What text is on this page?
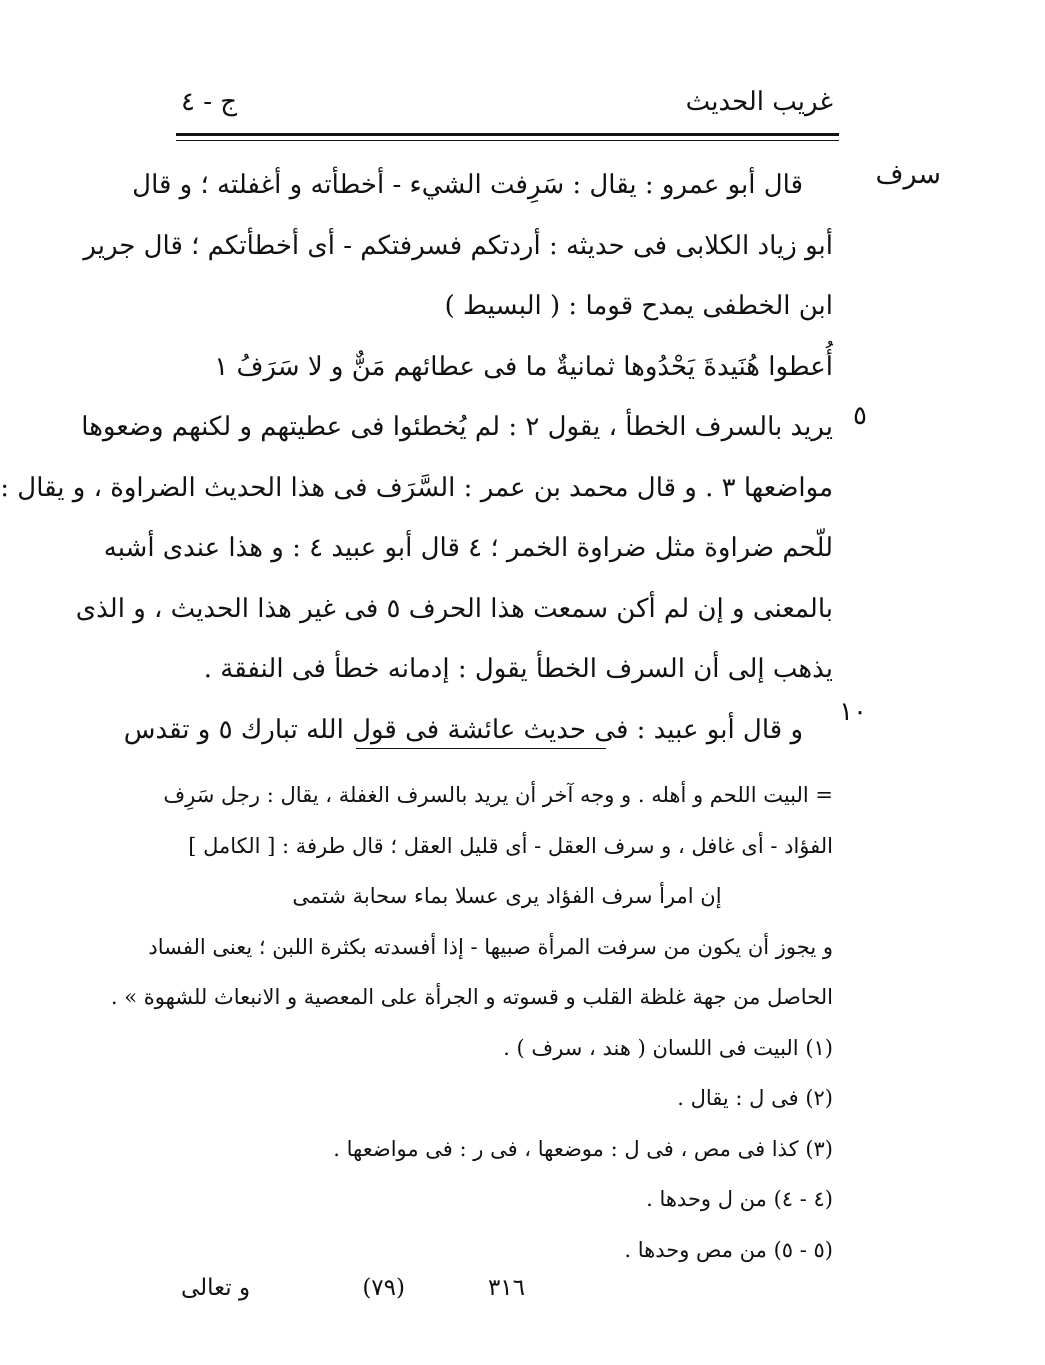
غريب الحديث
ج - ٤
سرف
٥
١٠
قال أبو عمرو : يقال : سَرِفت الشيء - أخطأته و أغفلته ؛ و قال
أبو زياد الكلابى فى حديثه : أردتكم فسرفتكم - أى أخطأتكم ؛ قال جرير
ابن الخطفى يمدح قوما : ( البسيط )
أُعطوا هُنَيدةَ يَحْدُوها ثمانيةٌ ما فى عطائهم مَنٌّ و لا سَرَفُ ١
يريد بالسرف الخطأ ، يقول ٢ : لم يُخطئوا فى عطيتهم و لكنهم وضعوها
مواضعها ٣ . و قال محمد بن عمر : السَّرَف فى هذا الحديث الضراوة ، و يقال :
للّحم ضراوة مثل ضراوة الخمر ؛ ٤ قال أبو عبيد ٤ : و هذا عندى أشبه
بالمعنى و إن لم أكن سمعت هذا الحرف ٥ فى غير هذا الحديث ، و الذى
يذهب إلى أن السرف الخطأ يقول : إدمانه خطأ فى النفقة .
و قال أبو عبيد : فى حديث عائشة فى قول الله تبارك ٥ و تقدس
= البيت اللحم و أهله . و وجه آخر أن يريد بالسرف الغفلة ، يقال : رجل سَرِف
الفؤاد - أى غافل ، و سرف العقل - أى قليل العقل ؛ قال طرفة : [ الكامل ]
إن امرأ سرف الفؤاد يرى عسلا بماء سحابة شتمى
و يجوز أن يكون من سرفت المرأة صبيها - إذا أفسدته بكثرة اللبن ؛ يعنى الفساد
الحاصل من جهة غلظة القلب و قسوته و الجرأة على المعصية و الانبعاث للشهوة » .
(١) البيت فى اللسان ( هند ، سرف ) .
(٢) فى ل : يقال .
(٣) كذا فى مص ، فى ل : موضعها ، فى ر : فى مواضعها .
(٤ - ٤) من ل وحدها .
(٥ - ٥) من مص وحدها .
٣١٦
(٧٩)
و تعالى
